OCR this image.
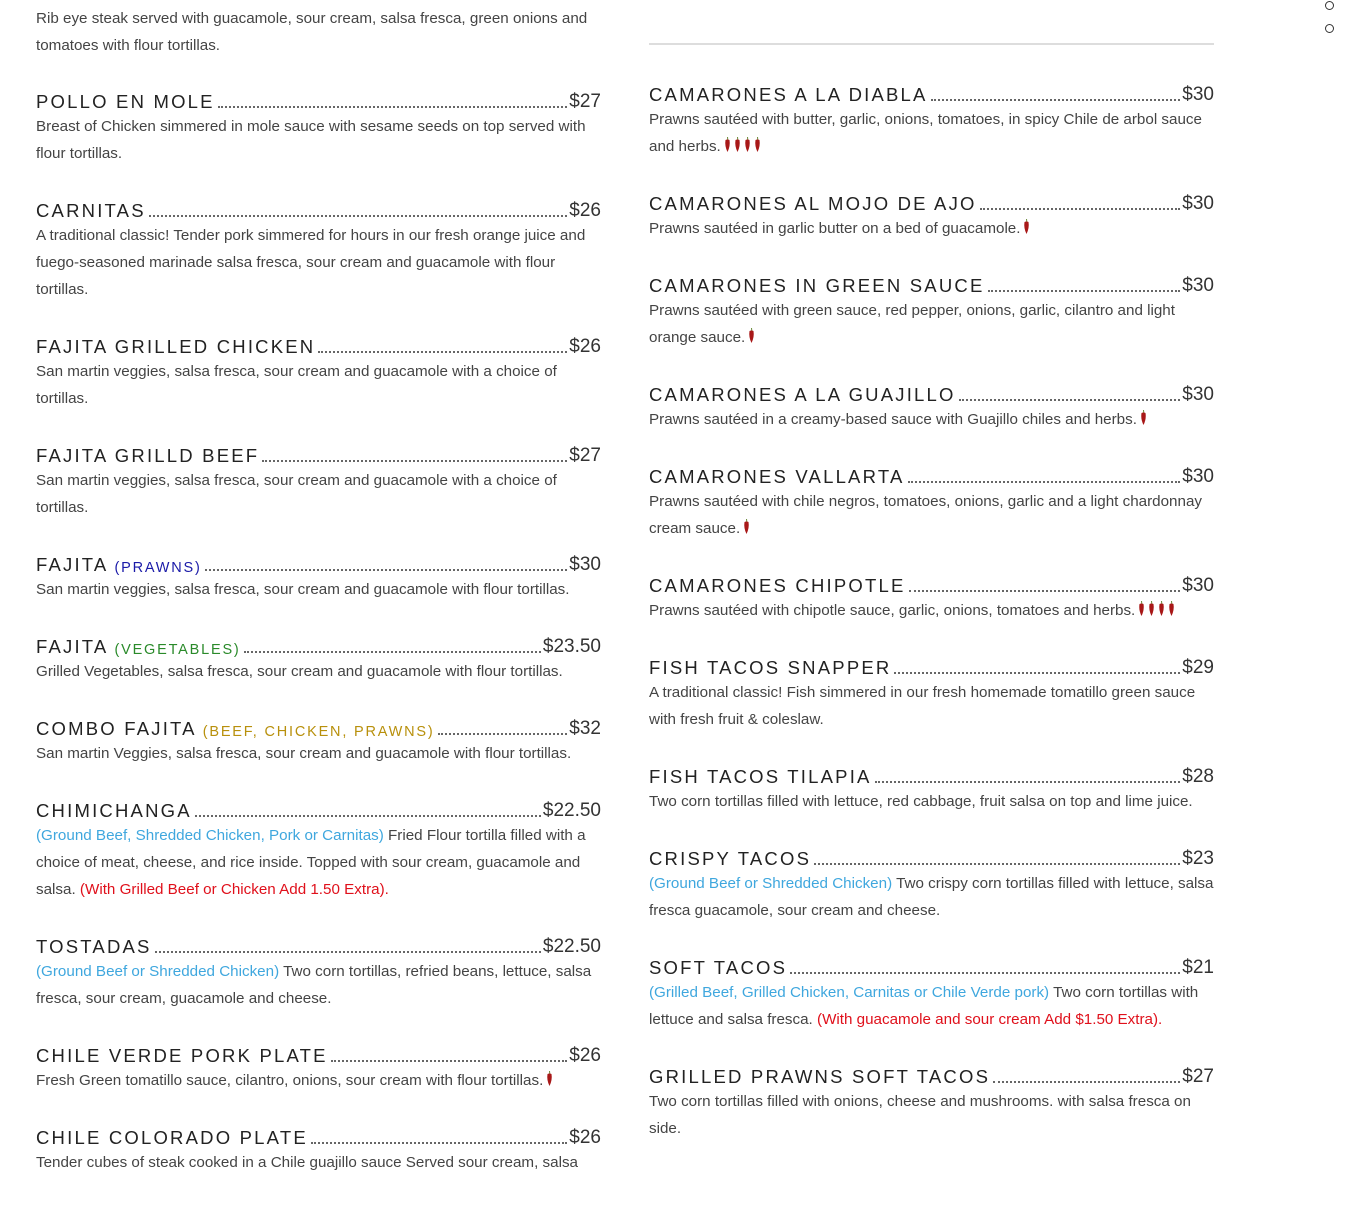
Rib eye steak served with guacamole, sour cream, salsa fresca, green onions and tomatoes with flour tortillas.
POLLO EN MOLE	$27
Breast of Chicken simmered in mole sauce with sesame seeds on top served with flour tortillas.
CARNITAS	$26
A traditional classic! Tender pork simmered for hours in our fresh orange juice and fuego-seasoned marinade salsa fresca, sour cream and guacamole with flour tortillas.
FAJITA GRILLED CHICKEN	$26
San martin veggies, salsa fresca, sour cream and guacamole with a choice of tortillas.
FAJITA GRILLD BEEF	$27
San martin veggies, salsa fresca, sour cream and guacamole with a choice of tortillas.
FAJITA (PRAWNS)	$30
San martin veggies, salsa fresca, sour cream and guacamole with flour tortillas.
FAJITA (VEGETABLES)	$23.50
Grilled Vegetables, salsa fresca, sour cream and guacamole with flour tortillas.
COMBO FAJITA (BEEF, CHICKEN, PRAWNS)	$32
San martin Veggies, salsa fresca, sour cream and guacamole with flour tortillas.
CHIMICHANGA	$22.50
(Ground Beef, Shredded Chicken, Pork or Carnitas) Fried Flour tortilla filled with a choice of meat, cheese, and rice inside. Topped with sour cream, guacamole and salsa. (With Grilled Beef or Chicken Add 1.50 Extra).
TOSTADAS	$22.50
(Ground Beef or Shredded Chicken) Two corn tortillas, refried beans, lettuce, salsa fresca, sour cream, guacamole and cheese.
CHILE VERDE PORK PLATE	$26
Fresh Green tomatillo sauce, cilantro, onions, sour cream with flour tortillas.
CHILE COLORADO PLATE	$26
Tender cubes of steak cooked in a Chile guajillo sauce Served sour cream, salsa
CAMARONES A LA DIABLA	$30
Prawns sautéed with butter, garlic, onions, tomatoes, in spicy Chile de arbol sauce and herbs.
CAMARONES AL MOJO DE AJO	$30
Prawns sautéed in garlic butter on a bed of guacamole.
CAMARONES IN GREEN SAUCE	$30
Prawns sautéed with green sauce, red pepper, onions, garlic, cilantro and light orange sauce.
CAMARONES A LA GUAJILLO	$30
Prawns sautéed in a creamy-based sauce with Guajillo chiles and herbs.
CAMARONES VALLARTA	$30
Prawns sautéed with chile negros, tomatoes, onions, garlic and a light chardonnay cream sauce.
CAMARONES CHIPOTLE	$30
Prawns sautéed with chipotle sauce, garlic, onions, tomatoes and herbs.
FISH TACOS SNAPPER	$29
A traditional classic! Fish simmered in our fresh homemade tomatillo green sauce with fresh fruit & coleslaw.
FISH TACOS TILAPIA	$28
Two corn tortillas filled with lettuce, red cabbage, fruit salsa on top and lime juice.
CRISPY TACOS	$23
(Ground Beef or Shredded Chicken) Two crispy corn tortillas filled with lettuce, salsa fresca guacamole, sour cream and cheese.
SOFT TACOS	$21
(Grilled Beef, Grilled Chicken, Carnitas or Chile Verde pork) Two corn tortillas with lettuce and salsa fresca. (With guacamole and sour cream Add $1.50 Extra).
GRILLED PRAWNS SOFT TACOS	$27
Two corn tortillas filled with onions, cheese and mushrooms. with salsa fresca on side.
